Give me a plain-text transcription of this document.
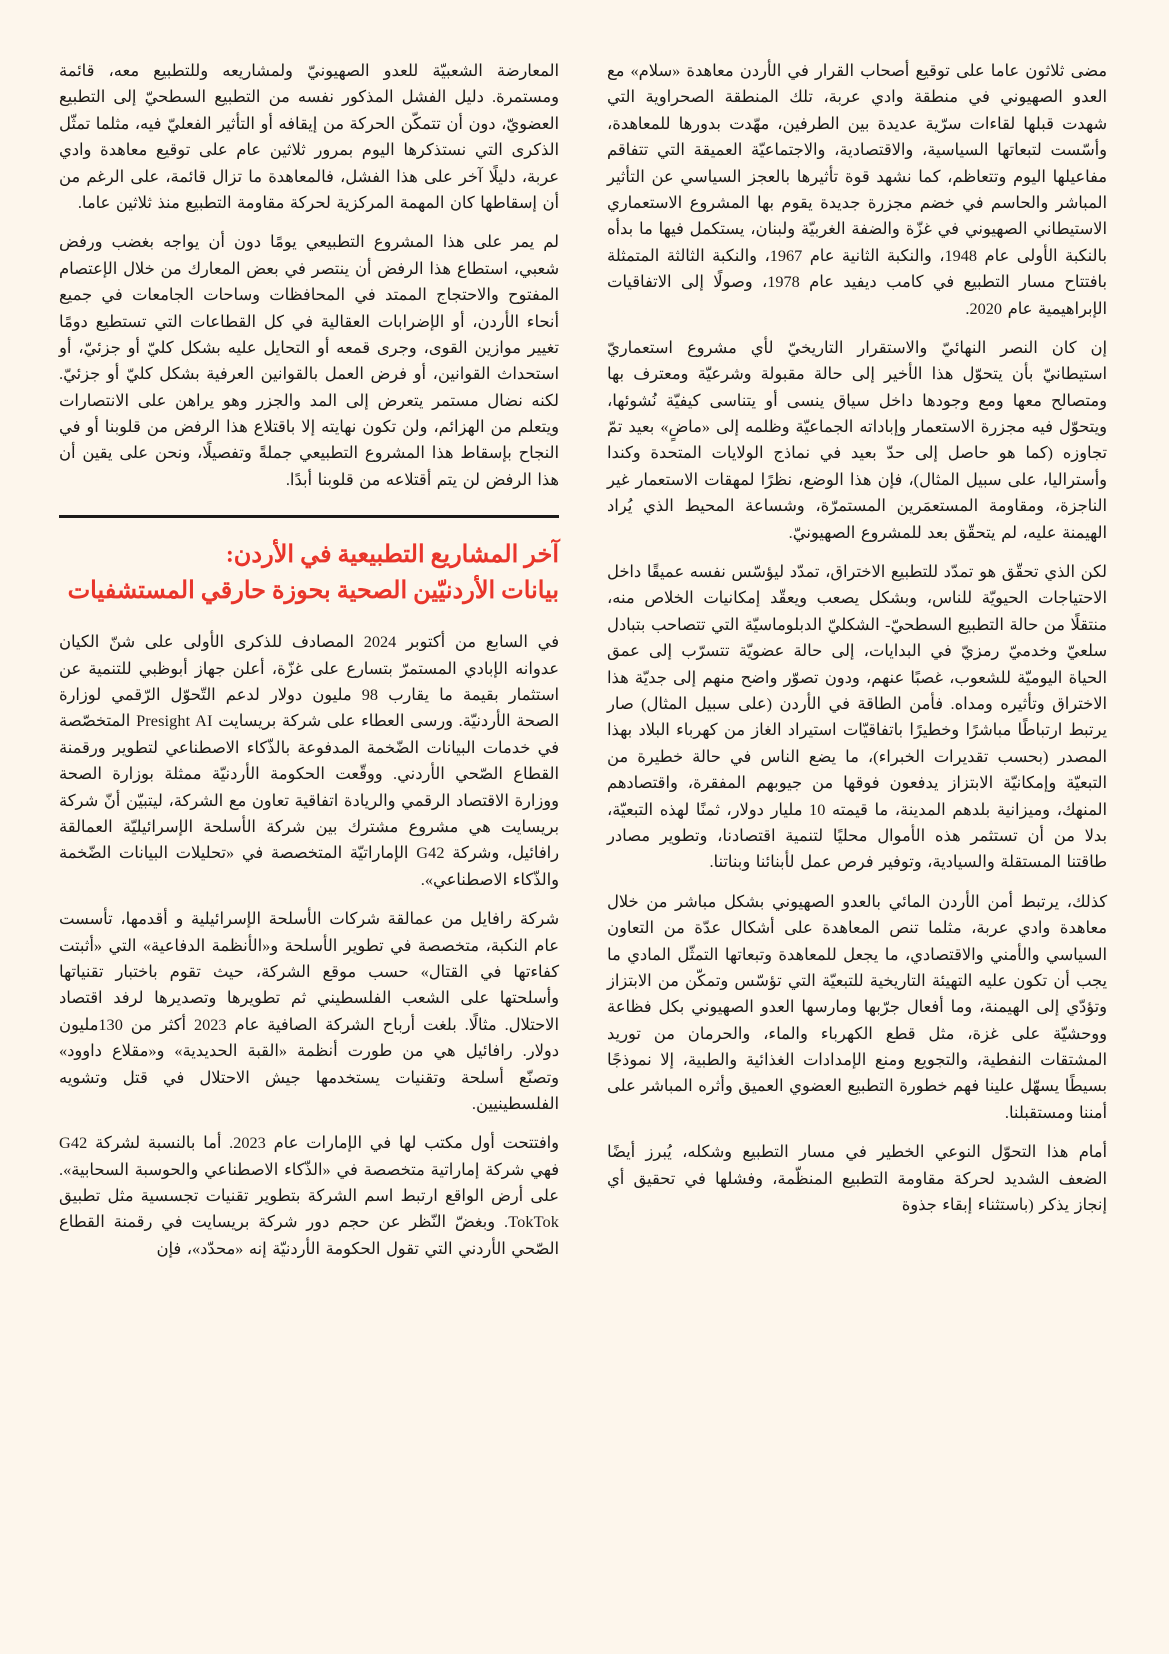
مضى ثلاثون عاما على توقيع أصحاب القرار في الأردن معاهدة «سلام» مع العدو الصهيوني في منطقة وادي عربة، تلك المنطقة الصحراوية التي شهدت قبلها لقاءات سرّية عديدة بين الطرفين، مهّدت بدورها للمعاهدة، وأسّست لتبعاتها السياسية، والاقتصادية، والاجتماعيّة العميقة التي تتفاقم مفاعيلها اليوم وتتعاظم، كما نشهد قوة تأثيرها بالعجز السياسي عن التأثير المباشر والحاسم في خضم مجزرة جديدة يقوم بها المشروع الاستعماري الاستيطاني الصهيوني في غزّة والضفة الغربيّة ولبنان، يستكمل فيها ما بدأه بالنكبة الأولى عام 1948، والنكبة الثانية عام 1967، والنكبة الثالثة المتمثلة بافتتاح مسار التطبيع في كامب ديفيد عام 1978، وصولًا إلى الاتفاقيات الإبراهيمية عام 2020.

إن كان النصر النهائيّ والاستقرار التاريخيّ لأي مشروع استعماريّ استيطانيّ بأن يتحوّل هذا الأخير إلى حالة مقبولة وشرعيّة ومعترف بها ومتصالح معها ومع وجودها داخل سياق ينسى أو يتناسى كيفيّة نُشوئها، ويتحوّل فيه مجزرة الاستعمار وإباداته الجماعيّة وظلمه إلى «ماضٍ» بعيد تمّ تجاوزه (كما هو حاصل إلى حدّ بعيد في نماذج الولايات المتحدة وكندا وأستراليا، على سبيل المثال)، فإن هذا الوضع، نظرًا لمهقات الاستعمار غير الناجزة، ومقاومة المستعمَرين المستمرّة، وشساعة المحيط الذي يُراد الهيمنة عليه، لم يتحقّق بعد للمشروع الصهيونيّ.

لكن الذي تحقّق هو تمدّد للتطبيع الاختراق، تمدّد ليؤسّس نفسه عميقًا داخل الاحتياجات الحيويّة للناس، وبشكل يصعب ويعقّد إمكانيات الخلاص منه، منتقلًا من حالة التطبيع السطحيّ- الشكليّ الدبلوماسيّة التي تتصاحب بتبادل سلعيّ وخدميّ رمزيّ في البدايات، إلى حالة عضويّة تتسرّب إلى عمق الحياة اليوميّة للشعوب، غصبًا عنهم، ودون تصوّر واضح منهم إلى جديّة هذا الاختراق وتأثيره ومداه. فأمن الطاقة في الأردن (على سبيل المثال) صار يرتبط ارتباطًا مباشرًا وخطيرًا باتفاقيّات استيراد الغاز من كهرباء البلاد بهذا المصدر (بحسب تقديرات الخبراء)، ما يضع الناس في حالة خطيرة من التبعيّة وإمكانيّة الابتزاز يدفعون فوقها من جيوبهم المفقرة، واقتصادهم المنهك، وميزانية بلدهم المدينة، ما قيمته 10 مليار دولار، ثمنًا لهذه التبعيّة، بدلا من أن تستثمر هذه الأموال محليًا لتنمية اقتصادنا، وتطوير مصادر طاقتنا المستقلة والسيادية، وتوفير فرص عمل لأبنائنا وبناتنا.

كذلك، يرتبط أمن الأردن المائي بالعدو الصهيوني بشكل مباشر من خلال معاهدة وادي عربة، مثلما تنص المعاهدة على أشكال عدّة من التعاون السياسي والأمني والاقتصادي، ما يجعل للمعاهدة وتبعاتها التمثّل المادي ما يجب أن تكون عليه التهيئة التاريخية للتبعيّة التي تؤسّس وتمكّن من الابتزاز وتؤدّي إلى الهيمنة، وما أفعال جرّبها ومارسها العدو الصهيوني بكل فظاعة ووحشيّة على غزة، مثل قطع الكهرباء والماء، والحرمان من توريد المشتقات النفطية، والتجويع ومنع الإمدادات الغذائية والطبية، إلا نموذجًا بسيطًا يسهّل علينا فهم خطورة التطبيع العضوي العميق وأثره المباشر على أمننا ومستقبلنا.

أمام هذا التحوّل النوعي الخطير في مسار التطبيع وشكله، يُبرز أيضًا الضعف الشديد لحركة مقاومة التطبيع المنظّمة، وفشلها في تحقيق أي إنجاز يذكر (باستثناء إبقاء جذوة

المعارضة الشعبيّة للعدو الصهيونيّ ولمشاريعه وللتطبيع معه، قائمة ومستمرة. دليل الفشل المذكور نفسه من التطبيع السطحيّ إلى التطبيع العضويّ، دون أن تتمكّن الحركة من إيقافه أو التأثير الفعليّ فيه، مثلما تمثّل الذكرى التي نستذكرها اليوم بمرور ثلاثين عام على توقيع معاهدة وادي عربة، دليلًا آخر على هذا الفشل، فالمعاهدة ما تزال قائمة، على الرغم من أن إسقاطها كان المهمة المركزية لحركة مقاومة التطبيع منذ ثلاثين عاما.

لم يمر على هذا المشروع التطبيعي يومًا دون أن يواجه بغضب ورفض شعبي، استطاع هذا الرفض أن ينتصر في بعض المعارك من خلال الإعتصام المفتوح والاحتجاج الممتد في المحافظات وساحات الجامعات في جميع أنحاء الأردن، أو الإضرابات العقالية في كل القطاعات التي تستطيع دومًا تغيير موازين القوى، وجرى قمعه أو التحايل عليه بشكل كليّ أو جزئيّ، أو استحداث القوانين، أو فرض العمل بالقوانين العرفية بشكل كليّ أو جزئيّ. لكنه نضال مستمر يتعرض إلى المد والجزر وهو يراهن على الانتصارات ويتعلم من الهزائم، ولن تكون نهايته إلا باقتلاع هذا الرفض من قلوبنا أو في النجاح بإسقاط هذا المشروع التطبيعي جملةً وتفصيلًا، ونحن على يقين أن هذا الرفض لن يتم أقتلاعه من قلوبنا أبدًا.

آخر المشاريع التطبيعية في الأردن:
بيانات الأردنيّين الصحية بحوزة حارقي المستشفيات

في السابع من أكتوبر 2024 المصادف للذكرى الأولى على شنّ الكيان عدوانه الإبادي المستمرّ بتسارع على غزّة، أعلن جهاز أبوظبي للتنمية عن استثمار بقيمة ما يقارب 98 مليون دولار لدعم التّحوّل الرّقمي لوزارة الصحة الأردنيّة. ورسى العطاء على شركة بريسايت Presight AI المتخصّصة في خدمات البيانات الضّخمة المدفوعة بالذّكاء الاصطناعي لتطوير ورقمنة القطاع الصّحي الأردني. ووقّعت الحكومة الأردنيّة ممثلة بوزارة الصحة ووزارة الاقتصاد الرقمي والريادة اتفاقية تعاون مع الشركة، ليتبيّن أنّ شركة بريسايت هي مشروع مشترك بين شركة الأسلحة الإسرائيليّة العمالقة رافائيل، وشركة G42 الإماراتيّة المتخصصة في «تحليلات البيانات الضّخمة والذّكاء الاصطناعي».

شركة رافايل من عمالقة شركات الأسلحة الإسرائيلية و أقدمها، تأسست عام النكبة، متخصصة في تطوير الأسلحة و«الأنظمة الدفاعية» التي «أثبتت كفاءتها في القتال» حسب موقع الشركة، حيث تقوم باختبار تقنياتها وأسلحتها على الشعب الفلسطيني ثم تطويرها وتصديرها لرفد اقتصاد الاحتلال. مثالًا. بلغت أرباح الشركة الصافية عام 2023 أكثر من 130مليون دولار. رافائيل هي من طورت أنظمة «القبة الحديدية» و«مقلاع داوود» وتصنّع أسلحة وتقنيات يستخدمها جيش الاحتلال في قتل وتشويه الفلسطينيين.

وافتتحت أول مكتب لها في الإمارات عام 2023. أما بالنسبة لشركة G42 فهي شركة إماراتية متخصصة في «الذّكاء الاصطناعي والحوسبة السحابية». على أرض الواقع ارتبط اسم الشركة بتطوير تقنيات تجسسية مثل تطبيق TokTok. وبغضّ النّظر عن حجم دور شركة بريسايت في رقمنة القطاع الصّحي الأردني التي تقول الحكومة الأردنيّة إنه «محدّد»، فإن
